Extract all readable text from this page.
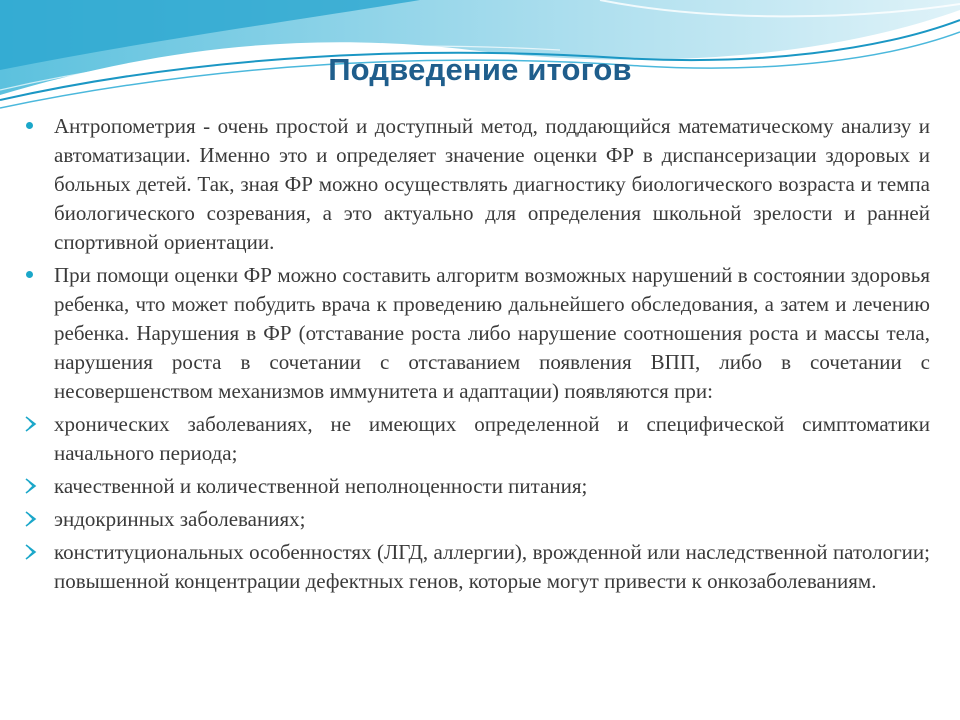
Подведение итогов
Антропометрия - очень простой и доступный метод, поддающийся математическому анализу и автоматизации. Именно это и определяет значение оценки ФР в диспансеризации здоровых и больных детей. Так, зная ФР можно осуществлять диагностику биологического возраста и темпа биологического созревания, а это актуально для определения школьной зрелости и ранней спортивной ориентации.
При помощи оценки ФР можно составить алгоритм возможных нарушений в состоянии здоровья ребенка, что может побудить врача к проведению дальнейшего обследования, а затем и лечению ребенка. Нарушения в ФР (отставание роста либо нарушение соотношения роста и массы тела, нарушения роста в сочетании с отставанием появления ВПП, либо в сочетании с несовершенством механизмов иммунитета и адаптации) появляются при:
хронических заболеваниях, не имеющих определенной и специфической симптоматики начального периода;
качественной и количественной неполноценности питания;
эндокринных заболеваниях;
конституциональных особенностях (ЛГД, аллергии), врожденной или наследственной патологии; повышенной концентрации дефектных генов, которые могут привести к онкозаболеваниям.
